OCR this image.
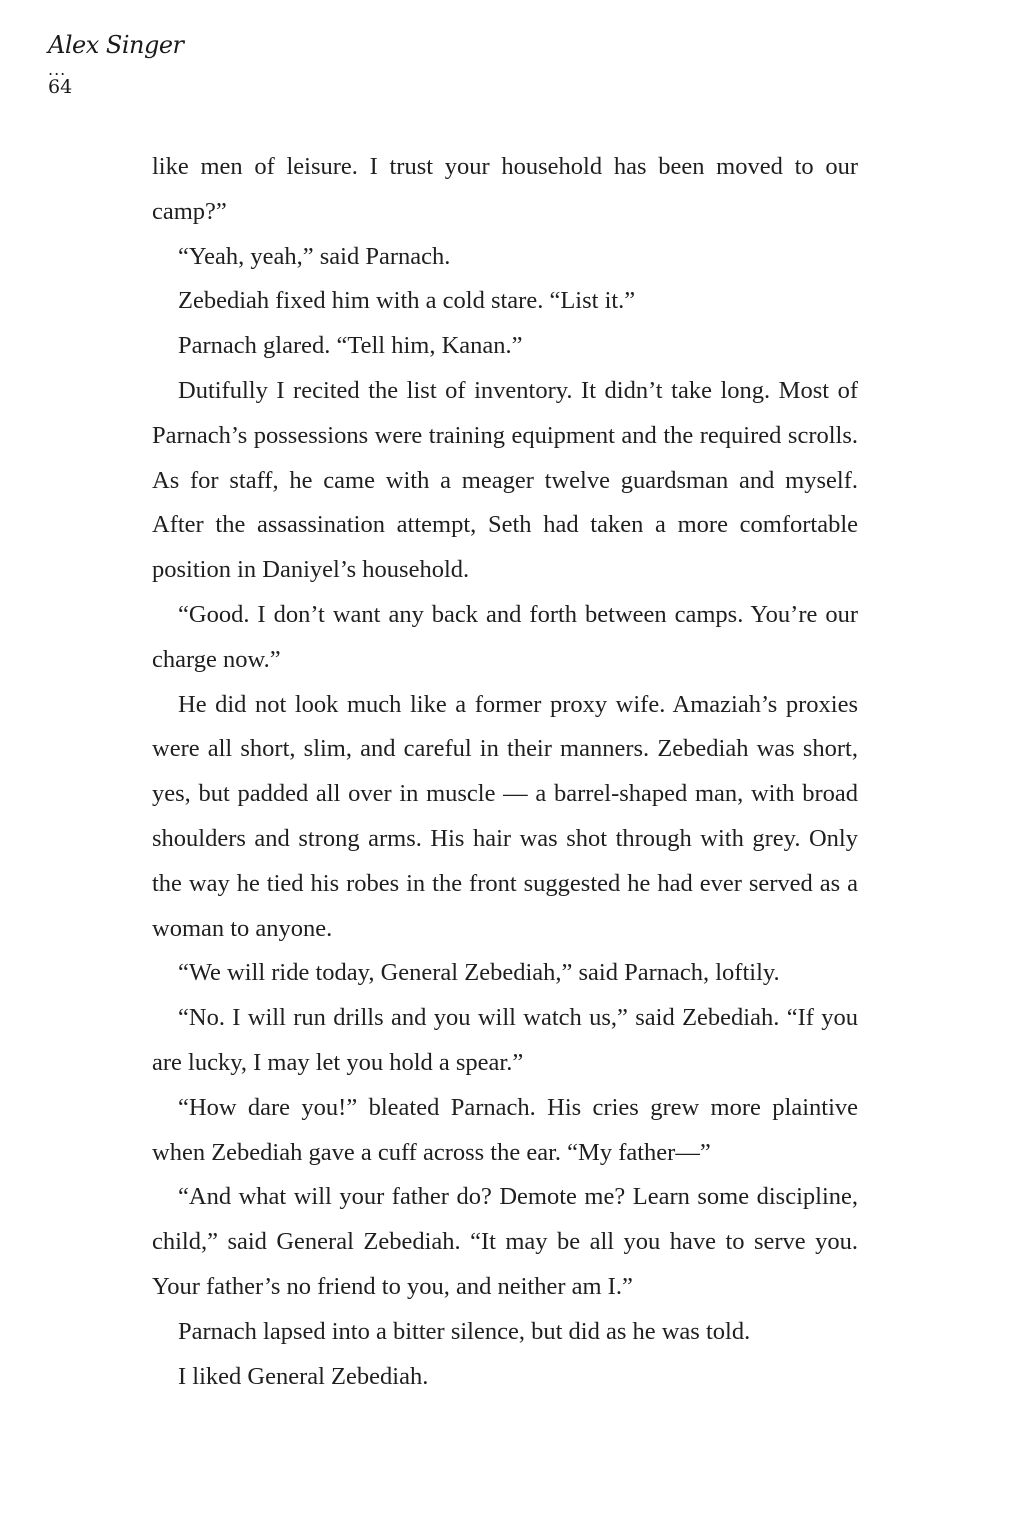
Alex Singer
...
64

like men of leisure. I trust your household has been moved to our camp?”

“Yeah, yeah,” said Parnach.

Zebediah fixed him with a cold stare. “List it.”

Parnach glared. “Tell him, Kanan.”

Dutifully I recited the list of inventory. It didn’t take long. Most of Parnach’s possessions were training equipment and the required scrolls. As for staff, he came with a meager twelve guardsman and myself. After the assassination attempt, Seth had taken a more comfortable position in Daniyel’s household.

“Good. I don’t want any back and forth between camps. You’re our charge now.”

He did not look much like a former proxy wife. Amaziah’s proxies were all short, slim, and careful in their manners. Zebediah was short, yes, but padded all over in muscle — a barrel-shaped man, with broad shoulders and strong arms. His hair was shot through with grey. Only the way he tied his robes in the front suggested he had ever served as a woman to anyone.

“We will ride today, General Zebediah,” said Parnach, loftily.

“No. I will run drills and you will watch us,” said Zebediah. “If you are lucky, I may let you hold a spear.”

“How dare you!” bleated Parnach. His cries grew more plaintive when Zebediah gave a cuff across the ear. “My father—”

“And what will your father do? Demote me? Learn some discipline, child,” said General Zebediah. “It may be all you have to serve you. Your father’s no friend to you, and neither am I.”

Parnach lapsed into a bitter silence, but did as he was told.

I liked General Zebediah.
